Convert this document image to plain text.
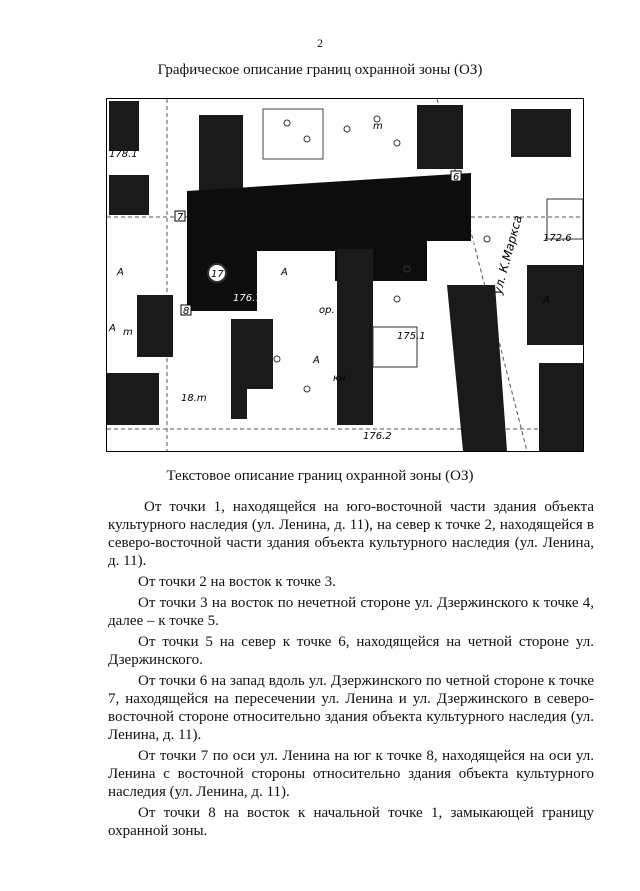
2
Графическое описание границ охранной зоны (ОЗ)
7
8
6
176.7
174.5
175.1
176.2
172.6
178.1
А	А
А
А
А
m
m
кн
ор.
17
18.m
ул. К.Маркса
Текстовое описание границ охранной зоны (ОЗ)

От точки 1, находящейся на юго-восточной части здания объекта культурного наследия (ул. Ленина, д. 11), на север к точке 2, находящейся в северо-восточной части здания объекта культурного наследия (ул. Ленина, д. 11).

От точки 2 на восток к точке 3.

От точки 3 на восток по нечетной стороне ул. Дзержинского к точке 4, далее – к точке 5.

От точки 5 на север к точке 6, находящейся на четной стороне ул. Дзержинского.

От точки 6 на запад вдоль ул. Дзержинского по четной стороне к точке 7, находящейся на пересечении ул. Ленина и ул. Дзержинского в северо-восточной стороне относительно здания объекта культурного наследия (ул. Ленина, д. 11).

От точки 7 по оси ул. Ленина на юг к точке 8, находящейся на оси ул. Ленина с восточной стороны относительно здания объекта культурного наследия (ул. Ленина, д. 11).

От точки 8 на восток к начальной точке 1, замыкающей границу охранной зоны.
